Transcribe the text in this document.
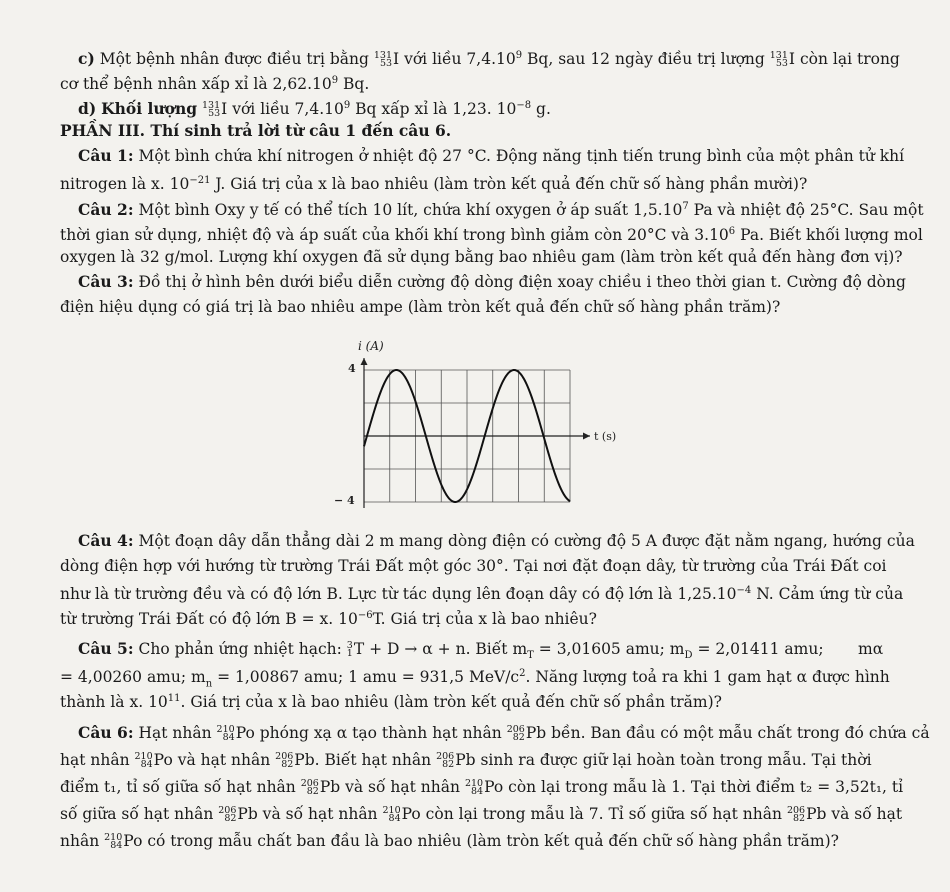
c) Một bệnh nhân được điều trị bằng 131
53 I với liều 7,4.10$^9$ Bq, sau 12 ngày điều trị lượng 131
53 I còn lại trong
cơ thể bệnh nhân xấp xỉ là 2,62.10$^9$ Bq.
d) Khối lượng 131
53 I với liều 7,4.10$^9$ Bq xấp xỉ là 1,23. $10^{-8}$ g.
PHẦN III. Thí sinh trả lời từ câu 1 đến câu 6.
Câu 1: Một bình chứa khí nitrogen ở nhiệt độ 27 °C. Động năng tịnh tiến trung bình của một phân tử khí
nitrogen là x. $10^{-21}$ J. Giá trị của x là bao nhiêu (làm tròn kết quả đến chữ số hàng phần mười)?
Câu 2: Một bình Oxy y tế có thể tích 10 lít, chứa khí oxygen ở áp suất 1,5.10$^7$ Pa và nhiệt độ 25°C. Sau một
thời gian sử dụng, nhiệt độ và áp suất của khối khí trong bình giảm còn 20°C và 3.10$^6$ Pa. Biết khối lượng mol
oxygen là 32 g/mol. Lượng khí oxygen đã sử dụng bằng bao nhiêu gam (làm tròn kết quả đến hàng đơn vị)?
Câu 3: Đồ thị ở hình bên dưới biểu diễn cường độ dòng điện xoay chiều i theo thời gian t. Cường độ dòng
điện hiệu dụng có giá trị là bao nhiêu ampe (làm tròn kết quả đến chữ số hàng phần trăm)?
i (A)
4
− 4
t (s)
Câu 4: Một đoạn dây dẫn thẳng dài 2 m mang dòng điện có cường độ 5 A được đặt nằm ngang, hướng của
dòng điện hợp với hướng từ trường Trái Đất một góc 30°. Tại nơi đặt đoạn dây, từ trường của Trái Đất coi
như là từ trường đều và có độ lớn B. Lực từ tác dụng lên đoạn dây có độ lớn là $1,25.10^{-4}$ N. Cảm ứng từ của
từ trường Trái Đất có độ lớn B = x. $10^{-6}T$. Giá trị của x là bao nhiêu?
Câu 5: Cho phản ứng nhiệt hạch: 3
1 T + D → α + n. Biết $m_T = 3,01605$ amu; $m_D = 2,01411$ amu; mα
= 4,00260 amu; $m_n = 1,00867$ amu; 1 amu = 931,5 MeV/$c^2$. Năng lượng toả ra khi 1 gam hạt α được hình
thành là x. $10^{11}$. Giá trị của x là bao nhiêu (làm tròn kết quả đến chữ số phần trăm)?
Câu 6: Hạt nhân 210
84 Po phóng xạ α tạo thành hạt nhân 206
82 Pb bền. Ban đầu có một mẫu chất trong đó chứa cả
hạt nhân 210
84 Po và hạt nhân 206
82 Pb. Biết hạt nhân 206
82 Pb sinh ra được giữ lại hoàn toàn trong mẫu. Tại thời
điểm t₁, tỉ số giữa số hạt nhân 206
82 Pb và số hạt nhân 210
84 Po còn lại trong mẫu là 1. Tại thời điểm t₂ = 3,52t₁, tỉ
số giữa số hạt nhân 206
82 Pb và số hạt nhân 210
84 Po còn lại trong mẫu là 7. Tỉ số giữa số hạt nhân 206
82 Pb và số hạt
nhân 210
84 Po có trong mẫu chất ban đầu là bao nhiêu (làm tròn kết quả đến chữ số hàng phần trăm)?
